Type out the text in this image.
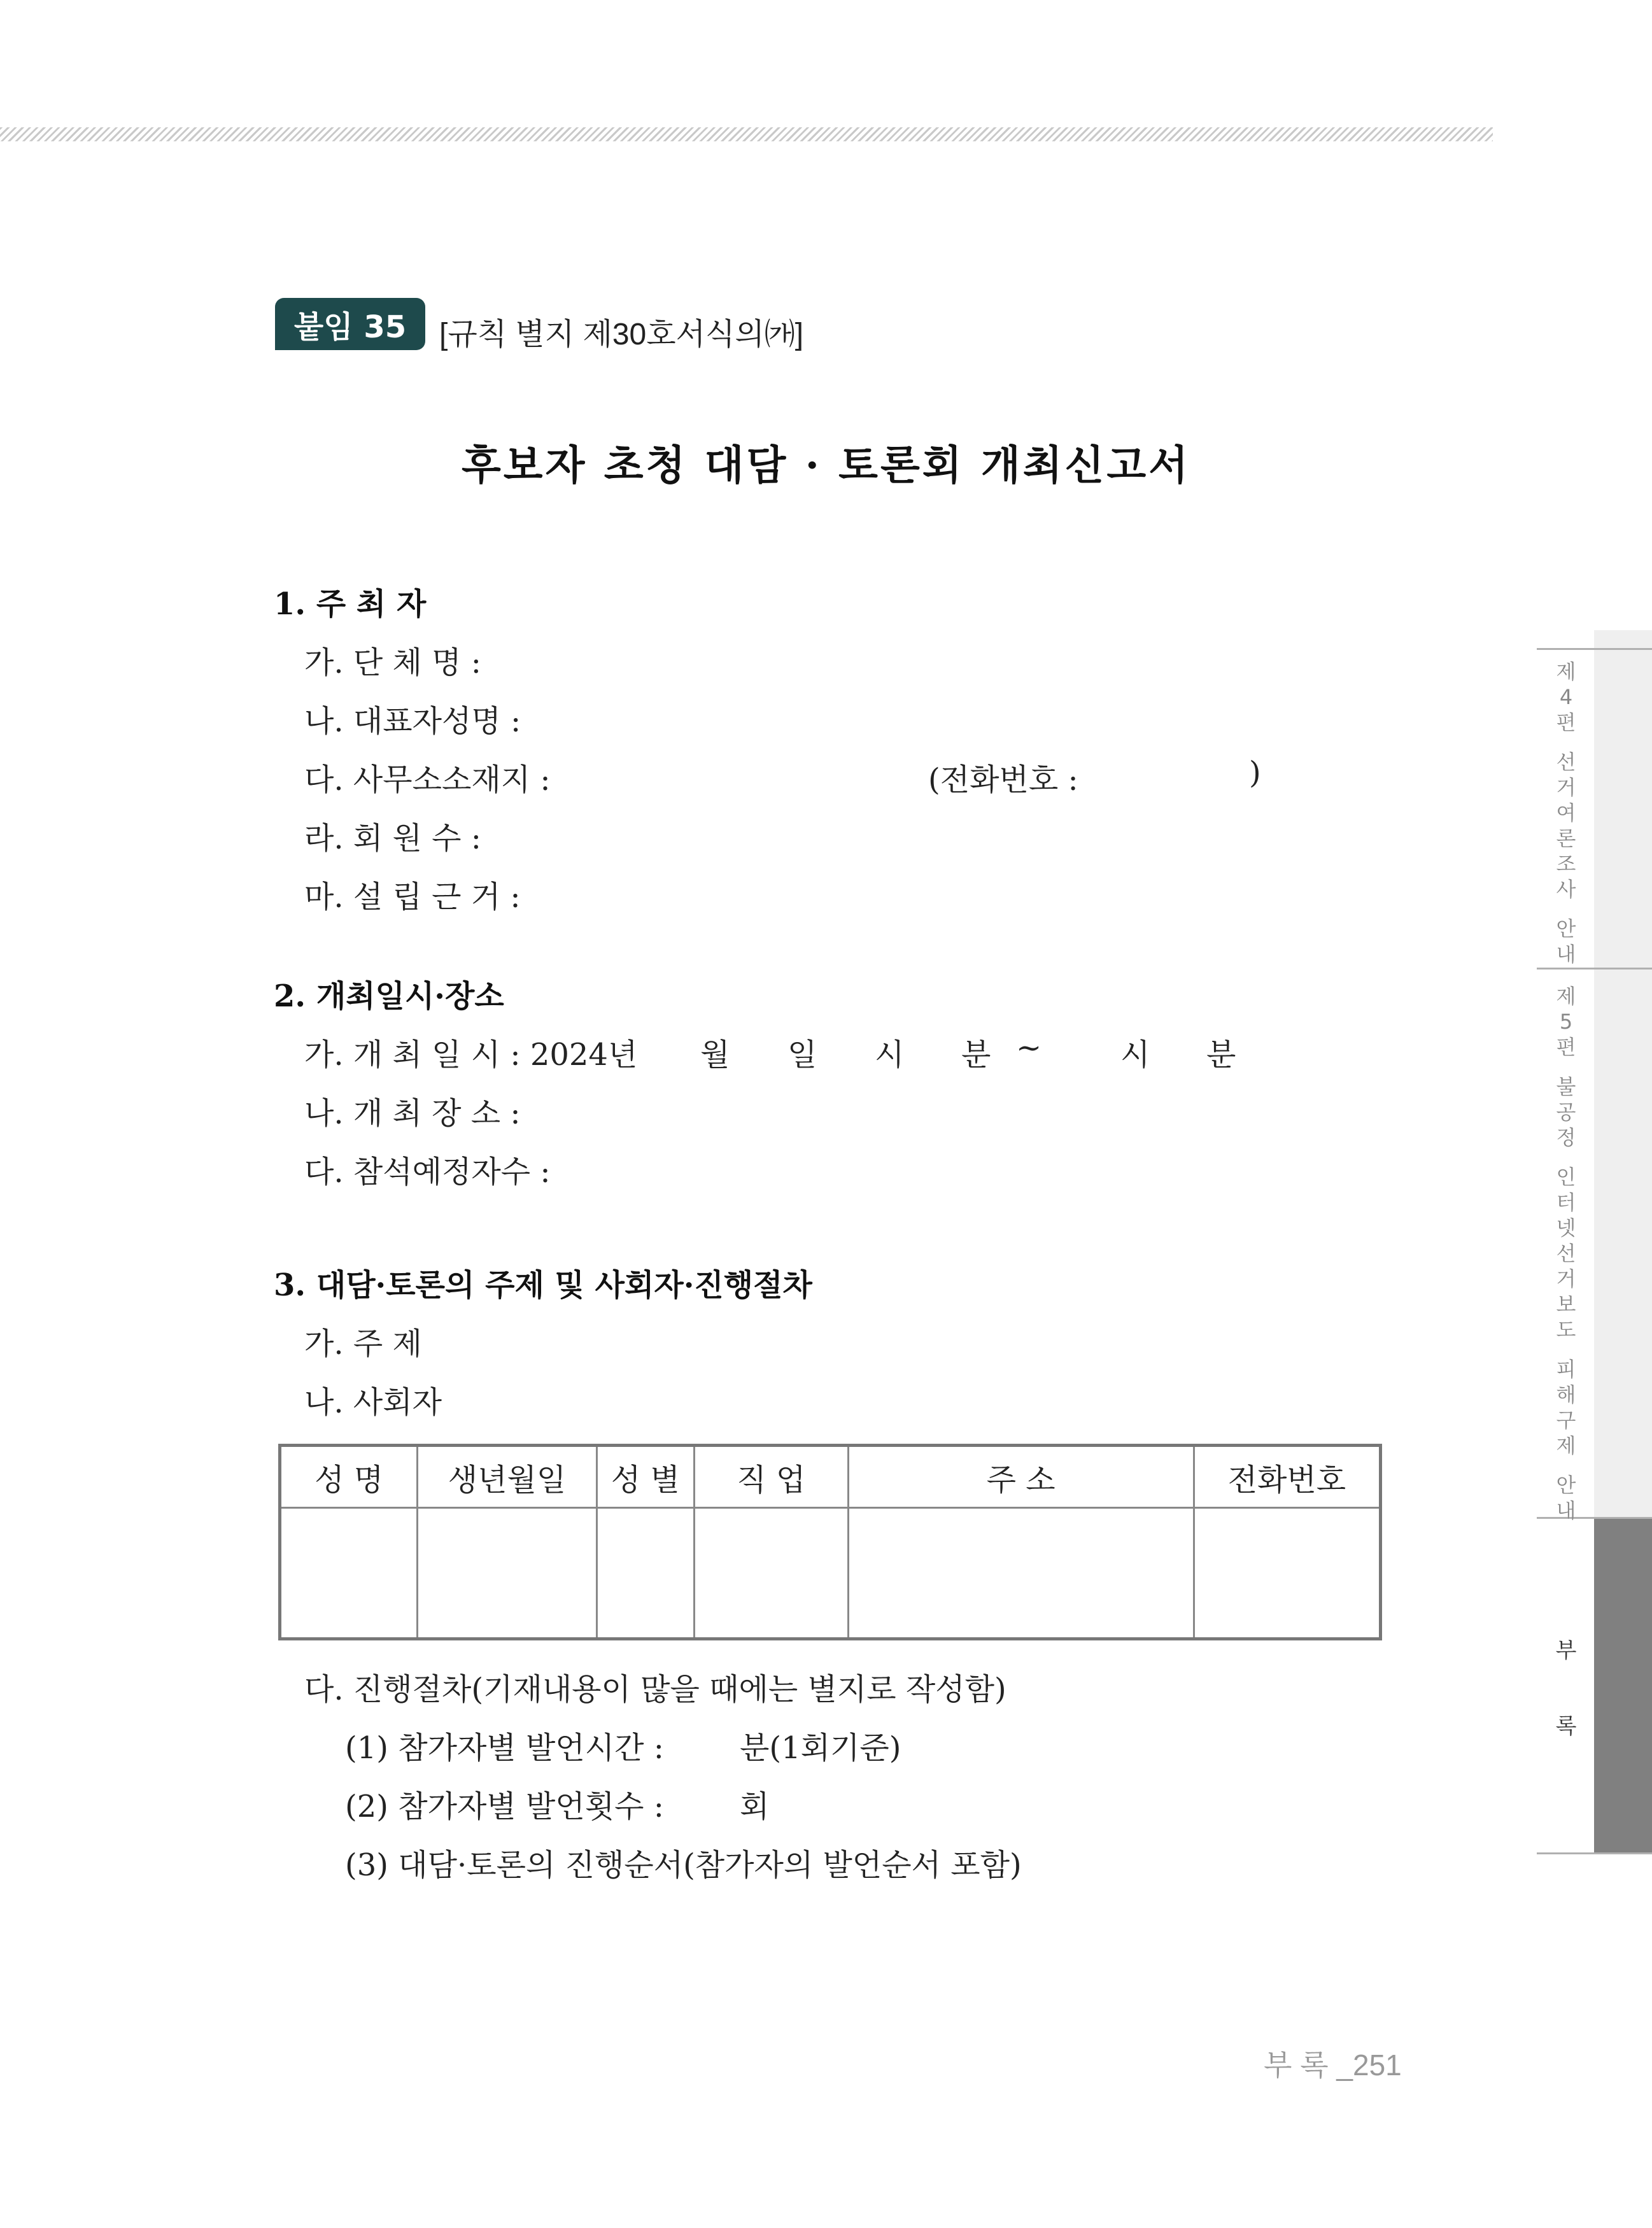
붙임 35	[규칙 별지 제30호서식의㈎]
후보자 초청 대담 · 토론회 개최신고서
1. 주 최 자
가. 단 체 명 :
나. 대표자성명 :
다. 사무소소재지 :	(전화번호 :	)
라. 회 원 수 :
마. 설 립 근 거 :
2. 개최일시·장소
가. 개 최 일 시 : 2024년 월 일 시 분 ~	시 분
나. 개 최 장 소 :
다. 참석예정자수 :
3. 대담·토론의 주제 및 사회자·진행절차
가. 주 제
나. 사회자
성 명	생년월일	성 별	직 업	주 소	전화번호

다. 진행절차(기재내용이 많을 때에는 별지로 작성함)
(1) 참가자별 발언시간 : 분(1회기준)
(2) 참가자별 발언횟수 : 회
(3) 대담·토론의 진행순서(참가자의 발언순서 포함)
제
4
편
선
거
여
론
조
사
안
내
제
5
편
불
공
정
인
터
넷
선
거
보
도
피
해
구
제
안
내
부
록
부 록 _251
